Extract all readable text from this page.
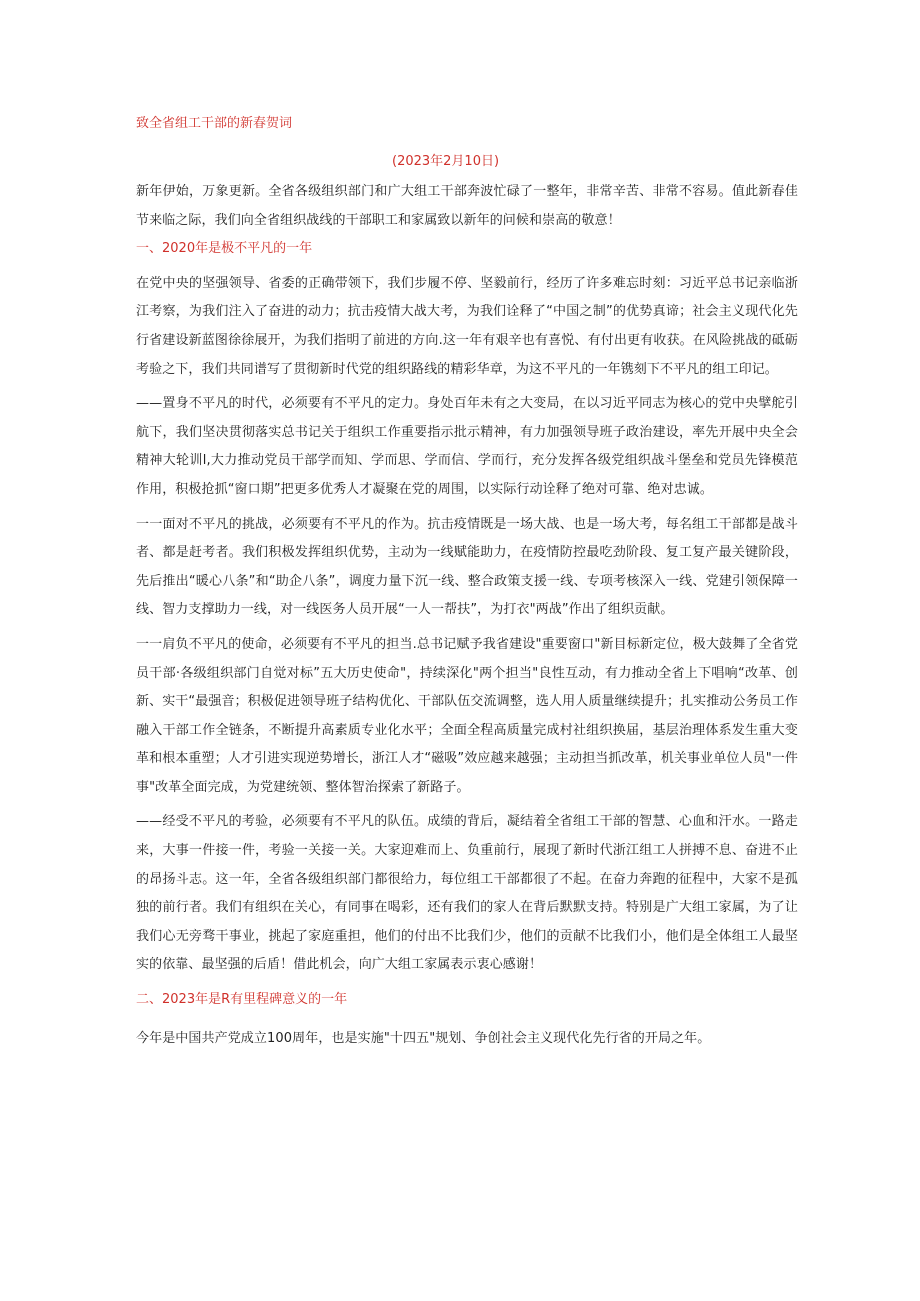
致全省组工干部的新春贺词
(2023年2月10日)

新年伊始，万象更新。全省各级组织部门和广大组工干部奔波忙碌了一整年，非常辛苦、非常不容易。值此新春佳节来临之际，我们向全省组织战线的干部职工和家属致以新年的问候和崇高的敬意！

一、2020年是极不平凡的一年

在党中央的坚强领导、省委的正确带领下，我们步履不停、坚毅前行，经历了许多难忘时刻：习近平总书记亲临浙江考察，为我们注入了奋进的动力；抗击疫情大战大考，为我们诠释了“中国之制”的优势真谛；社会主义现代化先行省建设新蓝图徐徐展开，为我们指明了前进的方向.这一年有艰辛也有喜悦、有付出更有收获。在风险挑战的砥砺考验之下，我们共同谱写了贯彻新时代党的组织路线的精彩华章，为这不平凡的一年镌刻下不平凡的组工印记。

——置身不平凡的时代，必须要有不平凡的定力。身处百年未有之大变局，在以习近平同志为核心的党中央擘舵引航下，我们坚决贯彻落实总书记关于组织工作重要指示批示精神，有力加强领导班子政治建设，率先开展中央全会精神大轮训l,大力推动党员干部学而知、学而思、学而信、学而行，充分发挥各级党组织战斗堡垒和党员先锋模范作用，积极抢抓“窗口期”把更多优秀人才凝聚在党的周围，以实际行动诠释了绝对可靠、绝对忠诚。

一一面对不平凡的挑战，必须要有不平凡的作为。抗击疫情既是一场大战、也是一场大考，每名组工干部都是战斗者、都是赶考者。我们积极发挥组织优势，主动为一线赋能助力，在疫情防控最吃劲阶段、复工复产最关键阶段，先后推出“暖心八条”和“助企八条”，调度力量下沉一线、整合政策支援一线、专项考核深入一线、党建引领保障一线、智力支撑助力一线，对一线医务人员开展“一人一帮扶”，为打衣"两战”作出了组织贡献。

一一肩负不平凡的使命，必须要有不平凡的担当.总书记赋予我省建设"重要窗口"新目标新定位，极大鼓舞了全省党员干部·各级组织部门自觉对标”五大历史使命"，持续深化"两个担当"良性互动，有力推动全省上下唱响“改革、创新、实干“最强音；积极促进领导班子结构优化、干部队伍交流调整，选人用人质量继续提升；扎实推动公务员工作融入干部工作全链条，不断提升高素质专业化水平；全面全程高质量完成村社组织换届，基层治理体系发生重大变革和根本重塑；人才引进实现逆势增长，浙江人才“磁吸”效应越来越强；主动担当抓改革，机关事业单位人员"一件事"改革全面完成，为党建统领、整体智治探索了新路子。

——经受不平凡的考验，必须要有不平凡的队伍。成绩的背后，凝结着全省组工干部的智慧、心血和汗水。一路走来，大事一件接一件，考验一关接一关。大家迎难而上、负重前行，展现了新时代浙江组工人拼搏不息、奋进不止的昂扬斗志。这一年，全省各级组织部门都很给力，每位组工干部都很了不起。在奋力奔跑的征程中，大家不是孤独的前行者。我们有组织在关心，有同事在喝彩，还有我们的家人在背后默默支持。特别是广大组工家属，为了让我们心无旁骛干事业，挑起了家庭重担，他们的付出不比我们少，他们的贡献不比我们小，他们是全体组工人最坚实的依靠、最坚强的后盾！借此机会，向广大组工家属表示衷心感谢！

二、2023年是R有里程碑意义的一年

今年是中国共产党成立100周年，也是实施"十四五"规划、争创社会主义现代化先行省的开局之年。
